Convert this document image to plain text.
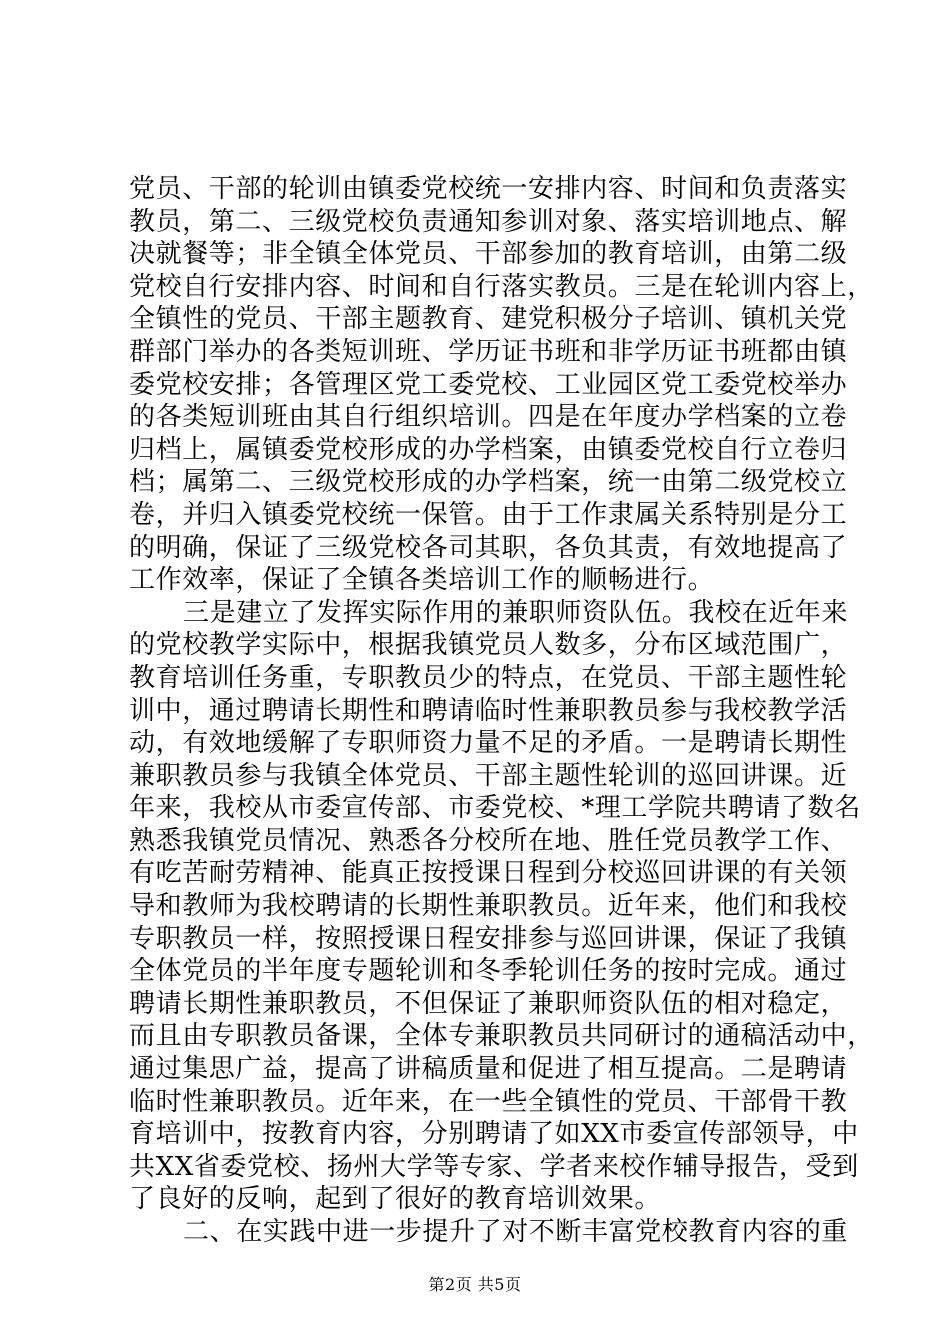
党员、干部的轮训由镇委党校统一安排内容、时间和负责落实
教员，第二、三级党校负责通知参训对象、落实培训地点、解
决就餐等；非全镇全体党员、干部参加的教育培训，由第二级
党校自行安排内容、时间和自行落实教员。三是在轮训内容上，
全镇性的党员、干部主题教育、建党积极分子培训、镇机关党
群部门举办的各类短训班、学历证书班和非学历证书班都由镇
委党校安排；各管理区党工委党校、工业园区党工委党校举办
的各类短训班由其自行组织培训。四是在年度办学档案的立卷
归档上，属镇委党校形成的办学档案，由镇委党校自行立卷归
档；属第二、三级党校形成的办学档案，统一由第二级党校立
卷，并归入镇委党校统一保管。由于工作隶属关系特别是分工
的明确，保证了三级党校各司其职，各负其责，有效地提高了
工作效率，保证了全镇各类培训工作的顺畅进行。
三是建立了发挥实际作用的兼职师资队伍。我校在近年来
的党校教学实际中，根据我镇党员人数多，分布区域范围广，
教育培训任务重，专职教员少的特点，在党员、干部主题性轮
训中，通过聘请长期性和聘请临时性兼职教员参与我校教学活
动，有效地缓解了专职师资力量不足的矛盾。一是聘请长期性
兼职教员参与我镇全体党员、干部主题性轮训的巡回讲课。近
年来，我校从市委宣传部、市委党校、*理工学院共聘请了数名
熟悉我镇党员情况、熟悉各分校所在地、胜任党员教学工作、
有吃苦耐劳精神、能真正按授课日程到分校巡回讲课的有关领
导和教师为我校聘请的长期性兼职教员。近年来，他们和我校
专职教员一样，按照授课日程安排参与巡回讲课，保证了我镇
全体党员的半年度专题轮训和冬季轮训任务的按时完成。通过
聘请长期性兼职教员，不但保证了兼职师资队伍的相对稳定，
而且由专职教员备课，全体专兼职教员共同研讨的通稿活动中，
通过集思广益，提高了讲稿质量和促进了相互提高。二是聘请
临时性兼职教员。近年来，在一些全镇性的党员、干部骨干教
育培训中，按教育内容，分别聘请了如XX市委宣传部领导，中
共XX省委党校、扬州大学等专家、学者来校作辅导报告，受到
了良好的反响，起到了很好的教育培训效果。
二、在实践中进一步提升了对不断丰富党校教育内容的重
第2页 共5页
